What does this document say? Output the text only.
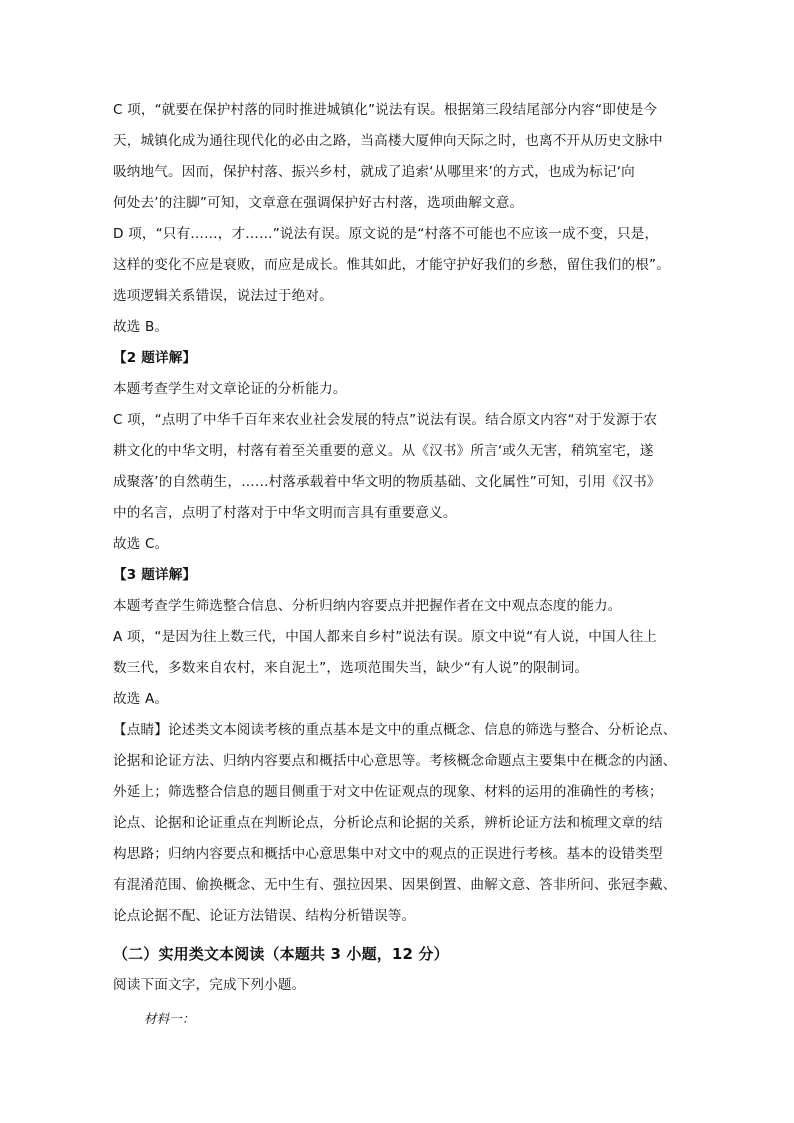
C 项，“就要在保护村落的同时推进城镇化”说法有误。根据第三段结尾部分内容“即使是今
天，城镇化成为通往现代化的必由之路，当高楼大厦伸向天际之时，也离不开从历史文脉中
吸纳地气。因而，保护村落、振兴乡村，就成了追索‘从哪里来’的方式，也成为标记‘向
何处去’的注脚”可知，文章意在强调保护好古村落，选项曲解文意。
D 项，“只有……，才……”说法有误。原文说的是“村落不可能也不应该一成不变，只是，
这样的变化不应是衰败，而应是成长。惟其如此，才能守护好我们的乡愁，留住我们的根”。
选项逻辑关系错误，说法过于绝对。
故选 B。
【2 题详解】
本题考查学生对文章论证的分析能力。
C 项，“点明了中华千百年来农业社会发展的特点”说法有误。结合原文内容“对于发源于农
耕文化的中华文明，村落有着至关重要的意义。从《汉书》所言‘或久无害，稍筑室宅，遂
成聚落’的自然萌生，……村落承载着中华文明的物质基础、文化属性”可知，引用《汉书》
中的名言，点明了村落对于中华文明而言具有重要意义。
故选 C。
【3 题详解】
本题考查学生筛选整合信息、分析归纳内容要点并把握作者在文中观点态度的能力。
A 项，“是因为往上数三代，中国人都来自乡村”说法有误。原文中说“有人说，中国人往上
数三代，多数来自农村，来自泥土”，选项范围失当，缺少“有人说”的限制词。
故选 A。
【点睛】论述类文本阅读考核的重点基本是文中的重点概念、信息的筛选与整合、分析论点、
论据和论证方法、归纳内容要点和概括中心意思等。考核概念命题点主要集中在概念的内涵、
外延上；筛选整合信息的题目侧重于对文中佐证观点的现象、材料的运用的准确性的考核；
论点、论据和论证重点在判断论点，分析论点和论据的关系，辨析论证方法和梳理文章的结
构思路；归纳内容要点和概括中心意思集中对文中的观点的正误进行考核。基本的设错类型
有混淆范围、偷换概念、无中生有、强拉因果、因果倒置、曲解文意、答非所问、张冠李戴、
论点论据不配、论证方法错误、结构分析错误等。
（二）实用类文本阅读（本题共 3 小题，12 分）
阅读下面文字，完成下列小题。
材料一：
